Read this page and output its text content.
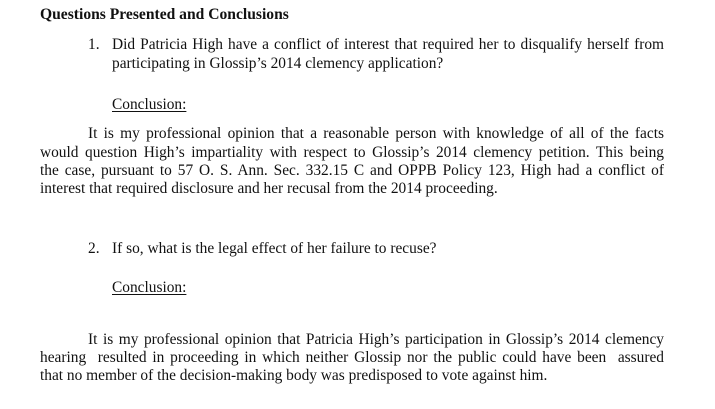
Questions Presented and Conclusions
1. Did Patricia High have a conflict of interest that required her to disqualify herself from
participating in Glossip’s 2014 clemency application?
Conclusion:
It is my professional opinion that a reasonable person with knowledge of all of the facts
would question High’s impartiality with respect to Glossip’s 2014 clemency petition. This being
the case, pursuant to 57 O. S. Ann. Sec. 332.15 C and OPPB Policy 123, High had a conflict of
interest that required disclosure and her recusal from the 2014 proceeding.
2. If so, what is the legal effect of her failure to recuse?
Conclusion:
It is my professional opinion that Patricia High’s participation in Glossip’s 2014 clemency
hearing  resulted in proceeding in which neither Glossip nor the public could have been  assured
that no member of the decision-making body was predisposed to vote against him.
